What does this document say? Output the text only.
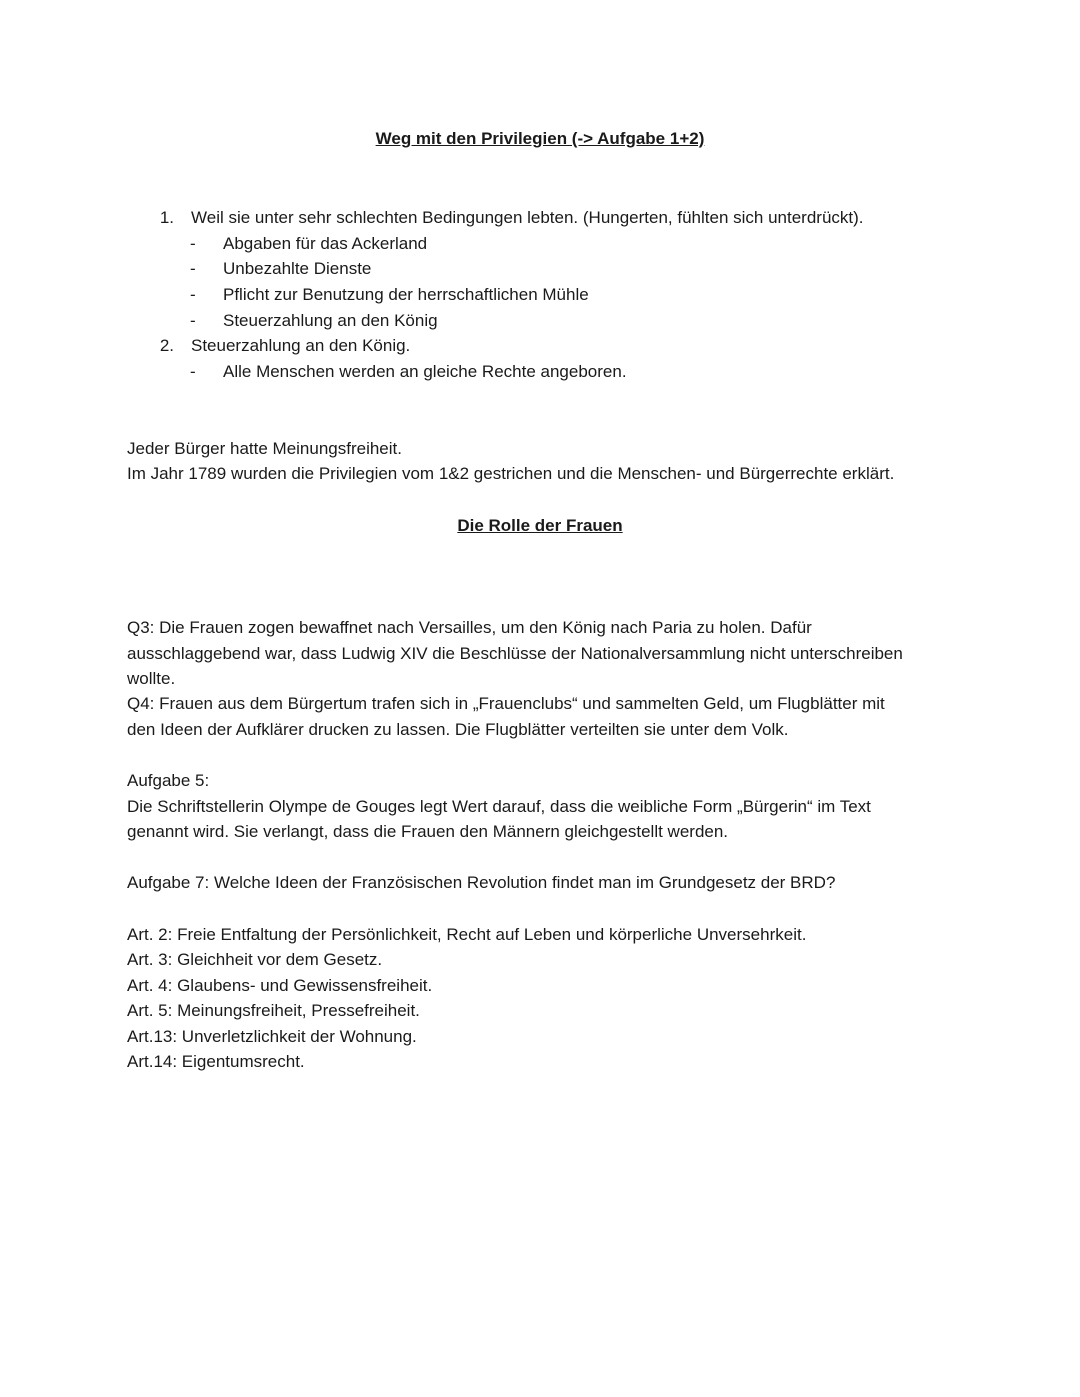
Weg mit den Privilegien (-> Aufgabe 1+2)
1. Weil sie unter sehr schlechten Bedingungen lebten. (Hungerten, fühlten sich unterdrückt).
- Abgaben für das Ackerland
- Unbezahlte Dienste
- Pflicht zur Benutzung der herrschaftlichen Mühle
- Steuerzahlung an den König
2. Steuerzahlung an den König.
- Alle Menschen werden an gleiche Rechte angeboren.
Jeder Bürger hatte Meinungsfreiheit.
Im Jahr 1789 wurden die Privilegien vom 1&2 gestrichen und die Menschen- und Bürgerrechte erklärt.
Die Rolle der Frauen
Q3: Die Frauen zogen bewaffnet nach Versailles, um den König nach Paria zu holen. Dafür
ausschlaggebend war, dass Ludwig XIV die Beschlüsse der Nationalversammlung nicht unterschreiben
wollte.
Q4: Frauen aus dem Bürgertum trafen sich in „Frauenclubs“ und sammelten Geld, um Flugblätter mit
den Ideen der Aufklärer drucken zu lassen. Die Flugblätter verteilten sie unter dem Volk.
Aufgabe 5:
Die Schriftstellerin Olympe de Gouges legt Wert darauf, dass die weibliche Form „Bürgerin“ im Text
genannt wird. Sie verlangt, dass die Frauen den Männern gleichgestellt werden.
Aufgabe 7: Welche Ideen der Französischen Revolution findet man im Grundgesetz der BRD?
Art. 2: Freie Entfaltung der Persönlichkeit, Recht auf Leben und körperliche Unversehrkeit.
Art. 3: Gleichheit vor dem Gesetz.
Art. 4: Glaubens- und Gewissensfreiheit.
Art. 5: Meinungsfreiheit, Pressefreiheit.
Art.13: Unverletzlichkeit der Wohnung.
Art.14: Eigentumsrecht.
